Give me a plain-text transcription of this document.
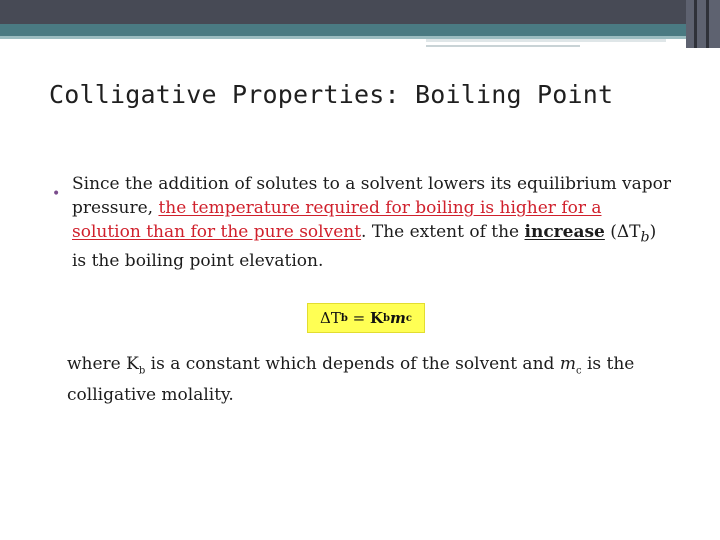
Colligative Properties: Boiling Point
• Since the addition of solutes to a solvent lowers its equilibrium vapor pressure, the temperature required for boiling is higher for a solution than for the pure solvent. The extent of the increase $(\Delta T_b)$ is the boiling point elevation.

ΔT b = K b m c

where $K_b$ is a constant which depends of the solvent and $m_c$ is the colligative molality.
